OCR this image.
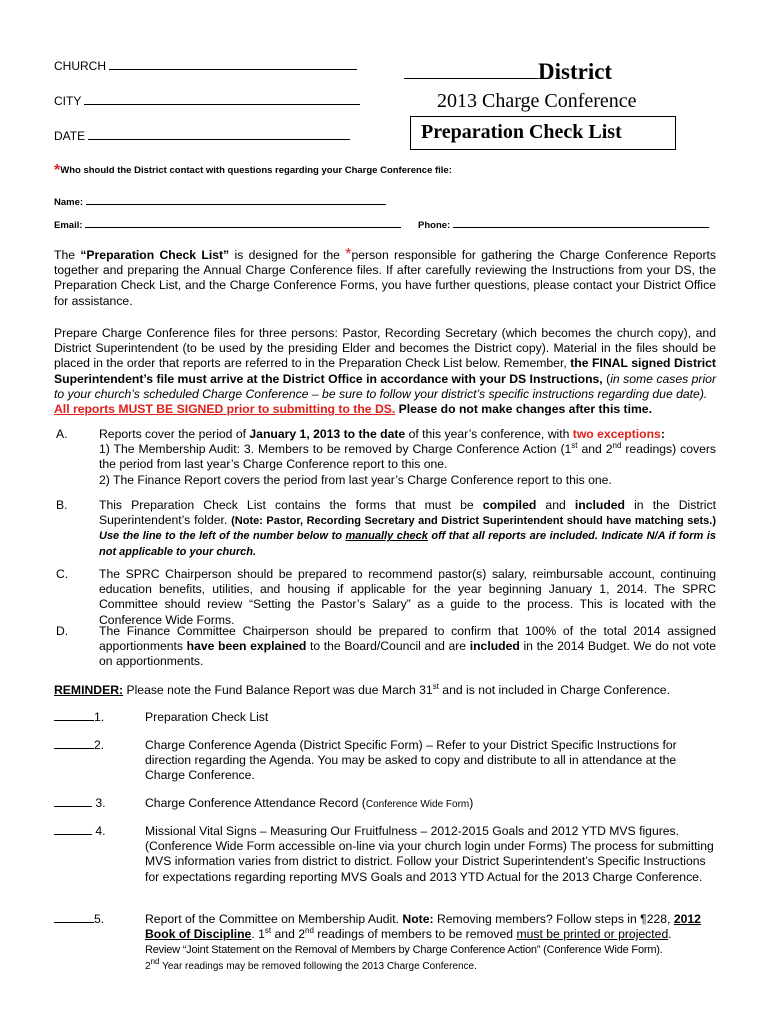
CHURCH
CITY
DATE
District
2013 Charge Conference
Preparation Check List
*Who should the District contact with questions regarding your Charge Conference file:
Name:
Email:	Phone:
The “Preparation Check List” is designed for the *person responsible for gathering the Charge Conference Reports together and preparing the Annual Charge Conference files. If after carefully reviewing the Instructions from your DS, the Preparation Check List, and the Charge Conference Forms, you have further questions, please contact your District Office for assistance.
Prepare Charge Conference files for three persons: Pastor, Recording Secretary (which becomes the church copy), and District Superintendent (to be used by the presiding Elder and becomes the District copy). Material in the files should be placed in the order that reports are referred to in the Preparation Check List below. Remember, the FINAL signed District Superintendent’s file must arrive at the District Office in accordance with your DS Instructions, (in some cases prior to your church’s scheduled Charge Conference – be sure to follow your district’s specific instructions regarding due date).
All reports MUST BE SIGNED prior to submitting to the DS. Please do not make changes after this time.
A.	Reports cover the period of January 1, 2013 to the date of this year’s conference, with two exceptions:
1) The Membership Audit: 3. Members to be removed by Charge Conference Action (1st and 2nd readings) covers the period from last year’s Charge Conference report to this one.
2) The Finance Report covers the period from last year’s Charge Conference report to this one.
B.	This Preparation Check List contains the forms that must be compiled and included in the District Superintendent’s folder. (Note: Pastor, Recording Secretary and District Superintendent should have matching sets.) Use the line to the left of the number below to manually check off that all reports are included. Indicate N/A if form is not applicable to your church.
C.	The SPRC Chairperson should be prepared to recommend pastor(s) salary, reimbursable account, continuing education benefits, utilities, and housing if applicable for the year beginning January 1, 2014. The SPRC Committee should review “Setting the Pastor’s Salary” as a guide to the process. This is located with the Conference Wide Forms.
D.	The Finance Committee Chairperson should be prepared to confirm that 100% of the total 2014 assigned apportionments have been explained to the Board/Council and are included in the 2014 Budget. We do not vote on apportionments.
REMINDER: Please note the Fund Balance Report was due March 31st and is not included in Charge Conference.
1.	Preparation Check List
2.	Charge Conference Agenda (District Specific Form) – Refer to your District Specific Instructions for direction regarding the Agenda. You may be asked to copy and distribute to all in attendance at the Charge Conference.
3.	Charge Conference Attendance Record (Conference Wide Form)
4.	Missional Vital Signs – Measuring Our Fruitfulness – 2012-2015 Goals and 2012 YTD MVS figures. (Conference Wide Form accessible on-line via your church login under Forms) The process for submitting MVS information varies from district to district. Follow your District Superintendent’s Specific Instructions for expectations regarding reporting MVS Goals and 2013 YTD Actual for the 2013 Charge Conference.
5.	Report of the Committee on Membership Audit. Note: Removing members? Follow steps in ¶228, 2012 Book of Discipline. 1st and 2nd readings of members to be removed must be printed or projected.
Review “Joint Statement on the Removal of Members by Charge Conference Action” (Conference Wide Form).
2nd Year readings may be removed following the 2013 Charge Conference.
